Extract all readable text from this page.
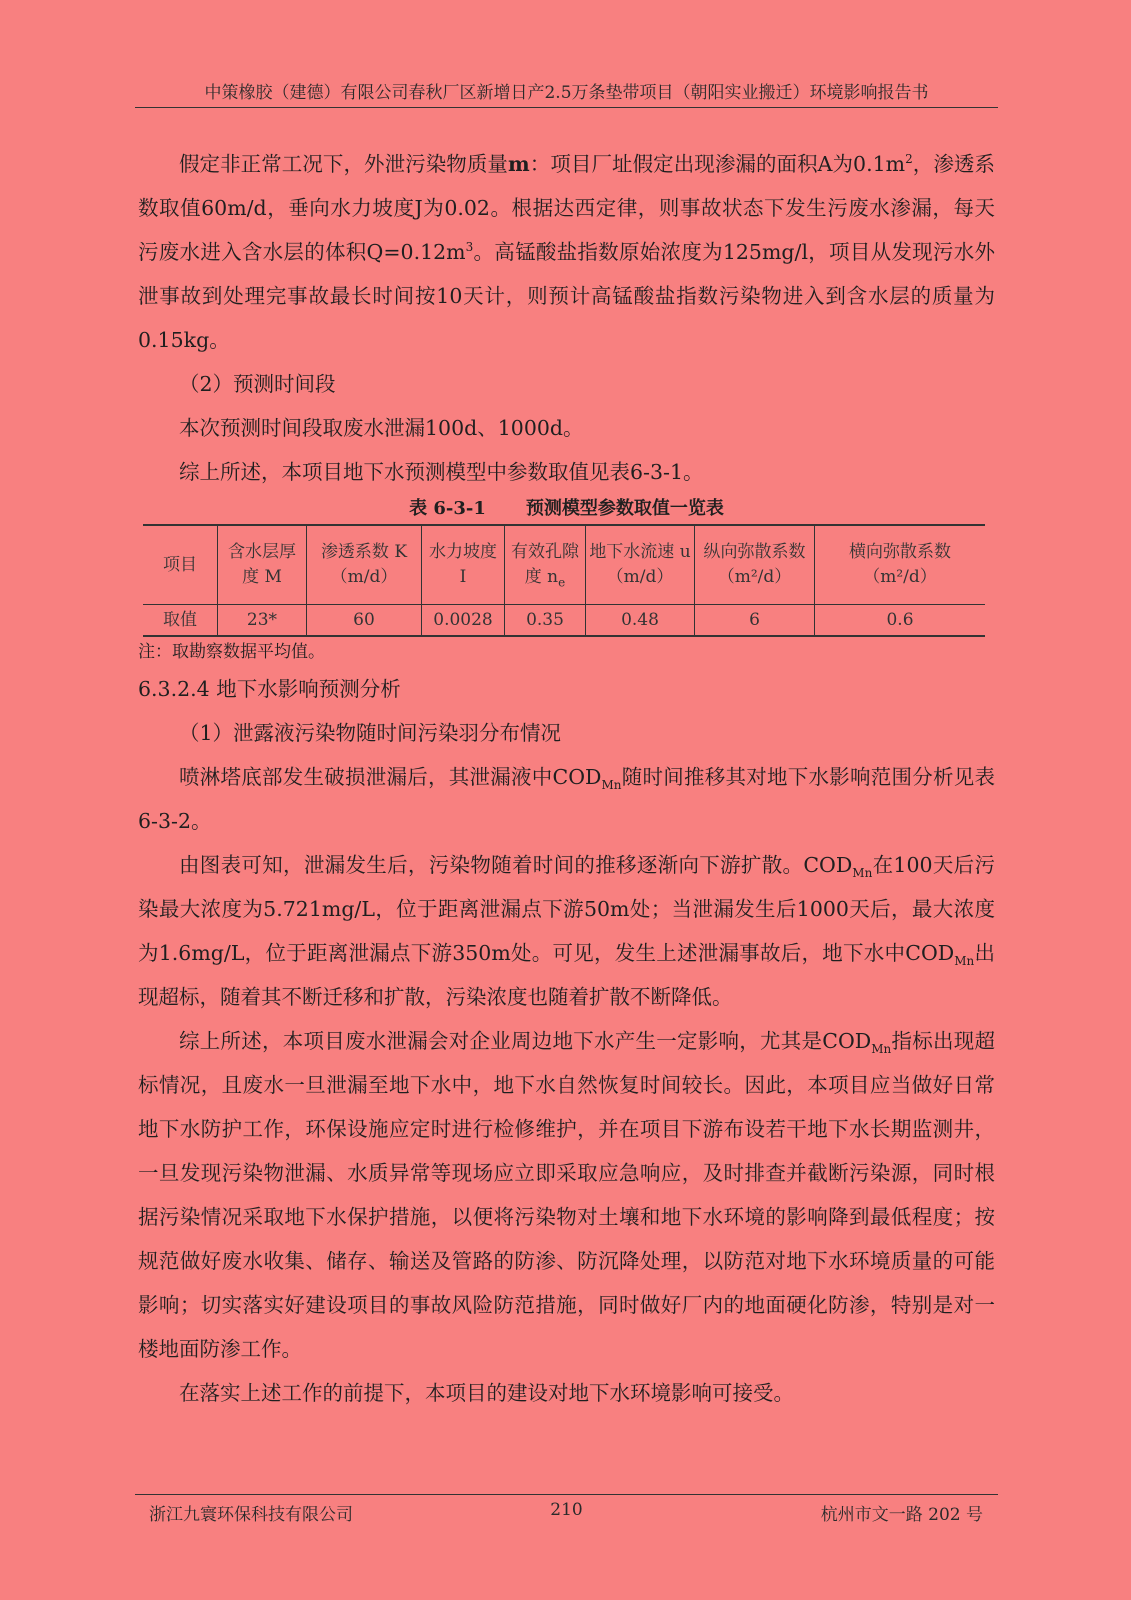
中策橡胶（建德）有限公司春秋厂区新增日产2.5万条垫带项目（朝阳实业搬迁）环境影响报告书

假定非正常工况下，外泄污染物质量m：项目厂址假定出现渗漏的面积A为$0.1m^2$，渗透系数取值60m/d，垂向水力坡度J为0.02。根据达西定律，则事故状态下发生污废水渗漏，每天污废水进入含水层的体积$Q=0.12m^3$。高锰酸盐指数原始浓度为125mg/l，项目从发现污水外泄事故到处理完事故最长时间按10天计，则预计高锰酸盐指数污染物进入到含水层的质量为0.15kg。

（2）预测时间段

本次预测时间段取废水泄漏100d、1000d。

综上所述，本项目地下水预测模型中参数取值见表6-3-1。

表 6-3-1 预测模型参数取值一览表
项目	含水层厚度 M	渗透系数 K（m/d）	水力坡度 I	有效孔隙度 $n_e$	地下水流速 u（m/d）	纵向弥散系数（m²/d）	横向弥散系数（m²/d）
取值	23*	60	0.0028	0.35	0.48	6	0.6

注：取勘察数据平均值。

6.3.2.4 地下水影响预测分析

（1）泄露液污染物随时间污染羽分布情况

喷淋塔底部发生破损泄漏后，其泄漏液中$COD_{Mn}$随时间推移其对地下水影响范围分析见表6-3-2。

由图表可知，泄漏发生后，污染物随着时间的推移逐渐向下游扩散。$COD_{Mn}$在100天后污染最大浓度为5.721mg/L，位于距离泄漏点下游50m处；当泄漏发生后1000天后，最大浓度为1.6mg/L，位于距离泄漏点下游350m处。可见，发生上述泄漏事故后，地下水中$COD_{Mn}$出现超标，随着其不断迁移和扩散，污染浓度也随着扩散不断降低。

综上所述，本项目废水泄漏会对企业周边地下水产生一定影响，尤其是$COD_{Mn}$指标出现超标情况，且废水一旦泄漏至地下水中，地下水自然恢复时间较长。因此，本项目应当做好日常地下水防护工作，环保设施应定时进行检修维护，并在项目下游布设若干地下水长期监测井，一旦发现污染物泄漏、水质异常等现场应立即采取应急响应，及时排查并截断污染源，同时根据污染情况采取地下水保护措施，以便将污染物对土壤和地下水环境的影响降到最低程度；按规范做好废水收集、储存、输送及管路的防渗、防沉降处理，以防范对地下水环境质量的可能影响；切实落实好建设项目的事故风险防范措施，同时做好厂内的地面硬化防渗，特别是对一楼地面防渗工作。

在落实上述工作的前提下，本项目的建设对地下水环境影响可接受。

浙江九寰环保科技有限公司	210	杭州市文一路 202 号
